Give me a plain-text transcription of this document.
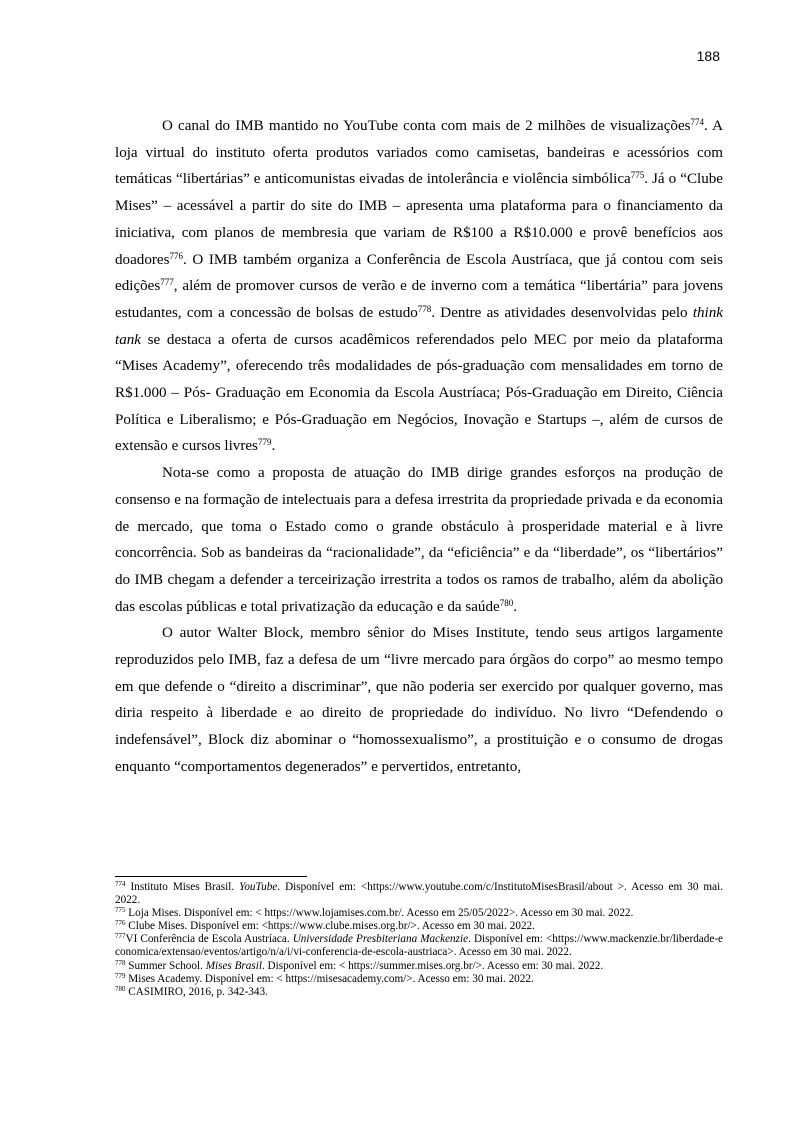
188

O canal do IMB mantido no YouTube conta com mais de 2 milhões de visualizações$^{774}$. A loja virtual do instituto oferta produtos variados como camisetas, bandeiras e acessórios com temáticas “libertárias” e anticomunistas eivadas de intolerância e violência simbólica$^{775}$. Já o “Clube Mises” – acessável a partir do site do IMB – apresenta uma plataforma para o financiamento da iniciativa, com planos de membresia que variam de R$100 a R$10.000 e provê benefícios aos doadores$^{776}$. O IMB também organiza a Conferência de Escola Austríaca, que já contou com seis edições$^{777}$, além de promover cursos de verão e de inverno com a temática “libertária” para jovens estudantes, com a concessão de bolsas de estudo$^{778}$. Dentre as atividades desenvolvidas pelo think tank se destaca a oferta de cursos acadêmicos referendados pelo MEC por meio da plataforma “Mises Academy”, oferecendo três modalidades de pós-graduação com mensalidades em torno de R$1.000 – Pós- Graduação em Economia da Escola Austríaca; Pós-Graduação em Direito, Ciência Política e Liberalismo; e Pós-Graduação em Negócios, Inovação e Startups –, além de cursos de extensão e cursos livres$^{779}$.

Nota-se como a proposta de atuação do IMB dirige grandes esforços na produção de consenso e na formação de intelectuais para a defesa irrestrita da propriedade privada e da economia de mercado, que toma o Estado como o grande obstáculo à prosperidade material e à livre concorrência. Sob as bandeiras da “racionalidade”, da “eficiência” e da “liberdade”, os “libertários” do IMB chegam a defender a terceirização irrestrita a todos os ramos de trabalho, além da abolição das escolas públicas e total privatização da educação e da saúde$^{780}$.

O autor Walter Block, membro sênior do Mises Institute, tendo seus artigos largamente reproduzidos pelo IMB, faz a defesa de um “livre mercado para órgãos do corpo” ao mesmo tempo em que defende o “direito a discriminar”, que não poderia ser exercido por qualquer governo, mas diria respeito à liberdade e ao direito de propriedade do indivíduo. No livro “Defendendo o indefensável”, Block diz abominar o “homossexualismo”, a prostituição e o consumo de drogas enquanto “comportamentos degenerados” e pervertidos, entretanto,

$^{774}$ Instituto Mises Brasil. YouTube. Disponível em: <https://www.youtube.com/c/InstitutoMisesBrasil/about >. Acesso em 30 mai. 2022.
$^{775}$ Loja Mises. Disponível em: < https://www.lojamises.com.br/. Acesso em 25/05/2022>. Acesso em 30 mai. 2022.
$^{776}$ Clube Mises. Disponível em: <https://www.clube.mises.org.br/>. Acesso em 30 mai. 2022.
$^{777}$VI Conferência de Escola Austríaca. Universidade Presbiteriana Mackenzie. Disponível em: <https://www.mackenzie.br/liberdade-economica/extensao/eventos/artigo/n/a/i/vi-conferencia-de-escola-austriaca>. Acesso em 30 mai. 2022.
$^{778}$ Summer School. Mises Brasil. Disponível em: < https://summer.mises.org.br/>. Acesso em: 30 mai. 2022.
$^{779}$ Mises Academy. Disponível em: < https://misesacademy.com/>. Acesso em: 30 mai. 2022.
$^{780}$ CASIMIRO, 2016, p. 342-343.
